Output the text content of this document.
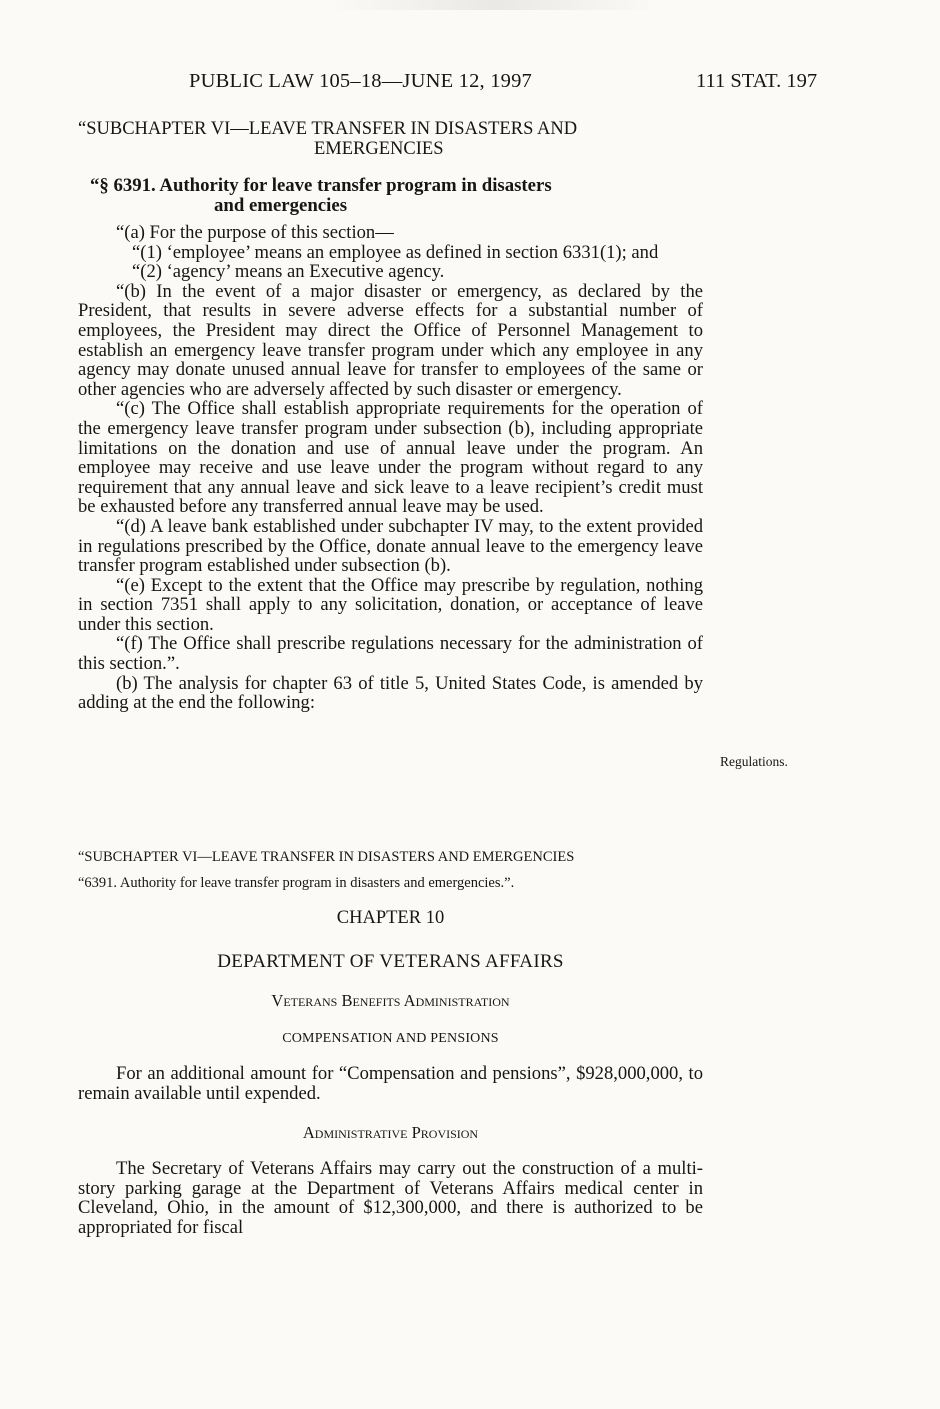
PUBLIC LAW 105–18—JUNE 12, 1997	111 STAT. 197
“SUBCHAPTER VI—LEAVE TRANSFER IN DISASTERS AND
EMERGENCIES
“§ 6391. Authority for leave transfer program in disasters
and emergencies

“(a) For the purpose of this section—

“(1) ‘employee’ means an employee as defined in section 6331(1); and

“(2) ‘agency’ means an Executive agency.

“(b) In the event of a major disaster or emergency, as declared by the President, that results in severe adverse effects for a substantial number of employees, the President may direct the Office of Personnel Management to establish an emergency leave transfer program under which any employee in any agency may donate unused annual leave for transfer to employees of the same or other agencies who are adversely affected by such disaster or emergency.

“(c) The Office shall establish appropriate requirements for the operation of the emergency leave transfer program under subsection (b), including appropriate limitations on the donation and use of annual leave under the program. An employee may receive and use leave under the program without regard to any requirement that any annual leave and sick leave to a leave recipient’s credit must be exhausted before any transferred annual leave may be used.

“(d) A leave bank established under subchapter IV may, to the extent provided in regulations prescribed by the Office, donate annual leave to the emergency leave transfer program established under subsection (b).

“(e) Except to the extent that the Office may prescribe by regulation, nothing in section 7351 shall apply to any solicitation, donation, or acceptance of leave under this section.

“(f) The Office shall prescribe regulations necessary for the administration of this section.”.

(b) The analysis for chapter 63 of title 5, United States Code, is amended by adding at the end the following:

Regulations.
“SUBCHAPTER VI—LEAVE TRANSFER IN DISASTERS AND EMERGENCIES
“6391. Authority for leave transfer program in disasters and emergencies.”.
CHAPTER 10
DEPARTMENT OF VETERANS AFFAIRS
Veterans Benefits Administration
COMPENSATION AND PENSIONS

For an additional amount for “Compensation and pensions”, $928,000,000, to remain available until expended.

Administrative Provision

The Secretary of Veterans Affairs may carry out the construction of a multi-story parking garage at the Department of Veterans Affairs medical center in Cleveland, Ohio, in the amount of $12,300,000, and there is authorized to be appropriated for fiscal
